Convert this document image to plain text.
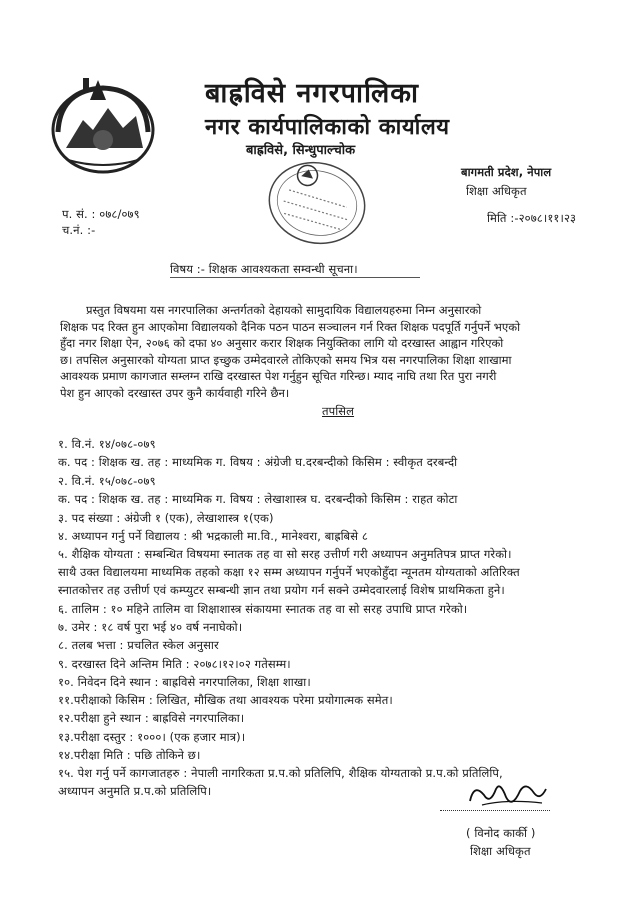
बाह्रविसे नगरपालिका
नगर कार्यपालिकाको कार्यालय
बाह्रविसे, सिन्धुपाल्चोक
बागमती प्रदेश, नेपाल
शिक्षा अधिकृत
प. सं. : ०७८/०७९
च.नं. :-
मिति :-२०७८।११।२३
विषय :- शिक्षक आवश्यकता सम्वन्धी सूचना।
प्रस्तुत विषयमा यस नगरपालिका अन्तर्गतको देहायको सामुदायिक विद्यालयहरुमा निम्न अनुसारको
शिक्षक पद रिक्त हुन आएकोमा विद्यालयको दैनिक पठन पाठन सञ्चालन गर्न रिक्त शिक्षक पदपूर्ति गर्नुपर्ने भएको
हुँदा नगर शिक्षा ऐन, २०७६ को दफा ४० अनुसार करार शिक्षक नियुक्तिका लागि यो दरखास्त आह्वान गरिएको
छ। तपसिल अनुसारको योग्यता प्राप्त इच्छुक उम्मेदवारले तोकिएको समय भित्र यस नगरपालिका शिक्षा शाखामा
आवश्यक प्रमाण कागजात सम्लग्न राखि दरखास्त पेश गर्नुहुन सूचित गरिन्छ। म्याद नाघि तथा रित पुरा नगरी
पेश हुन आएको दरखास्त उपर कुनै कार्यवाही गरिने छैन।
तपसिल
१. वि.नं. १४/०७८-०७९
क. पद : शिक्षक ख. तह : माध्यमिक ग. विषय : अंग्रेजी घ.दरबन्दीको किसिम : स्वीकृत दरबन्दी
२. वि.नं. १५/०७८-०७९
क. पद : शिक्षक ख. तह : माध्यमिक ग. विषय : लेखाशास्त्र घ. दरबन्दीको किसिम : राहत कोटा
३. पद संख्या : अंग्रेजी १ (एक), लेखाशास्त्र १(एक)
४. अध्यापन गर्नु पर्ने विद्यालय : श्री भद्रकाली मा.वि., मानेश्वरा, बाह्रबिसे ८
५. शैक्षिक योग्यता : सम्बन्धित विषयमा स्नातक तह वा सो सरह उत्तीर्ण गरी अध्यापन अनुमतिपत्र प्राप्त गरेको।
साथै उक्त विद्यालयमा माध्यमिक तहको कक्षा १२ सम्म अध्यापन गर्नुपर्ने भएकोहुँदा न्यूनतम योग्यताको अतिरिक्त
स्नातकोत्तर तह उत्तीर्ण एवं कम्प्युटर सम्बन्धी ज्ञान तथा प्रयोग गर्न सक्ने उम्मेदवारलाई विशेष प्राथमिकता हुने।
६. तालिम : १० महिने तालिम वा शिक्षाशास्त्र संकायमा स्नातक तह वा सो सरह उपाधि प्राप्त गरेको।
७. उमेर : १८ वर्ष पुरा भई ४० वर्ष ननाघेको।
८. तलब भत्ता : प्रचलित स्केल अनुसार
९. दरखास्त दिने अन्तिम मिति : २०७८।१२।०२ गतेसम्म।
१०. निवेदन दिने स्थान : बाह्रविसे नगरपालिका, शिक्षा शाखा।
११.परीक्षाको किसिम : लिखित, मौखिक तथा आवश्यक परेमा प्रयोगात्मक समेत।
१२.परीक्षा हुने स्थान : बाह्रविसे नगरपालिका।
१३.परीक्षा दस्तुर : १०००। (एक हजार मात्र)।
१४.परीक्षा मिति : पछि तोकिने छ।
१५. पेश गर्नु पर्ने कागजातहरु : नेपाली नागरिकता प्र.प.को प्रतिलिपि, शैक्षिक योग्यताको प्र.प.को प्रतिलिपि,
अध्यापन अनुमति प्र.प.को प्रतिलिपि।
( विनोद कार्की )
शिक्षा अधिकृत
